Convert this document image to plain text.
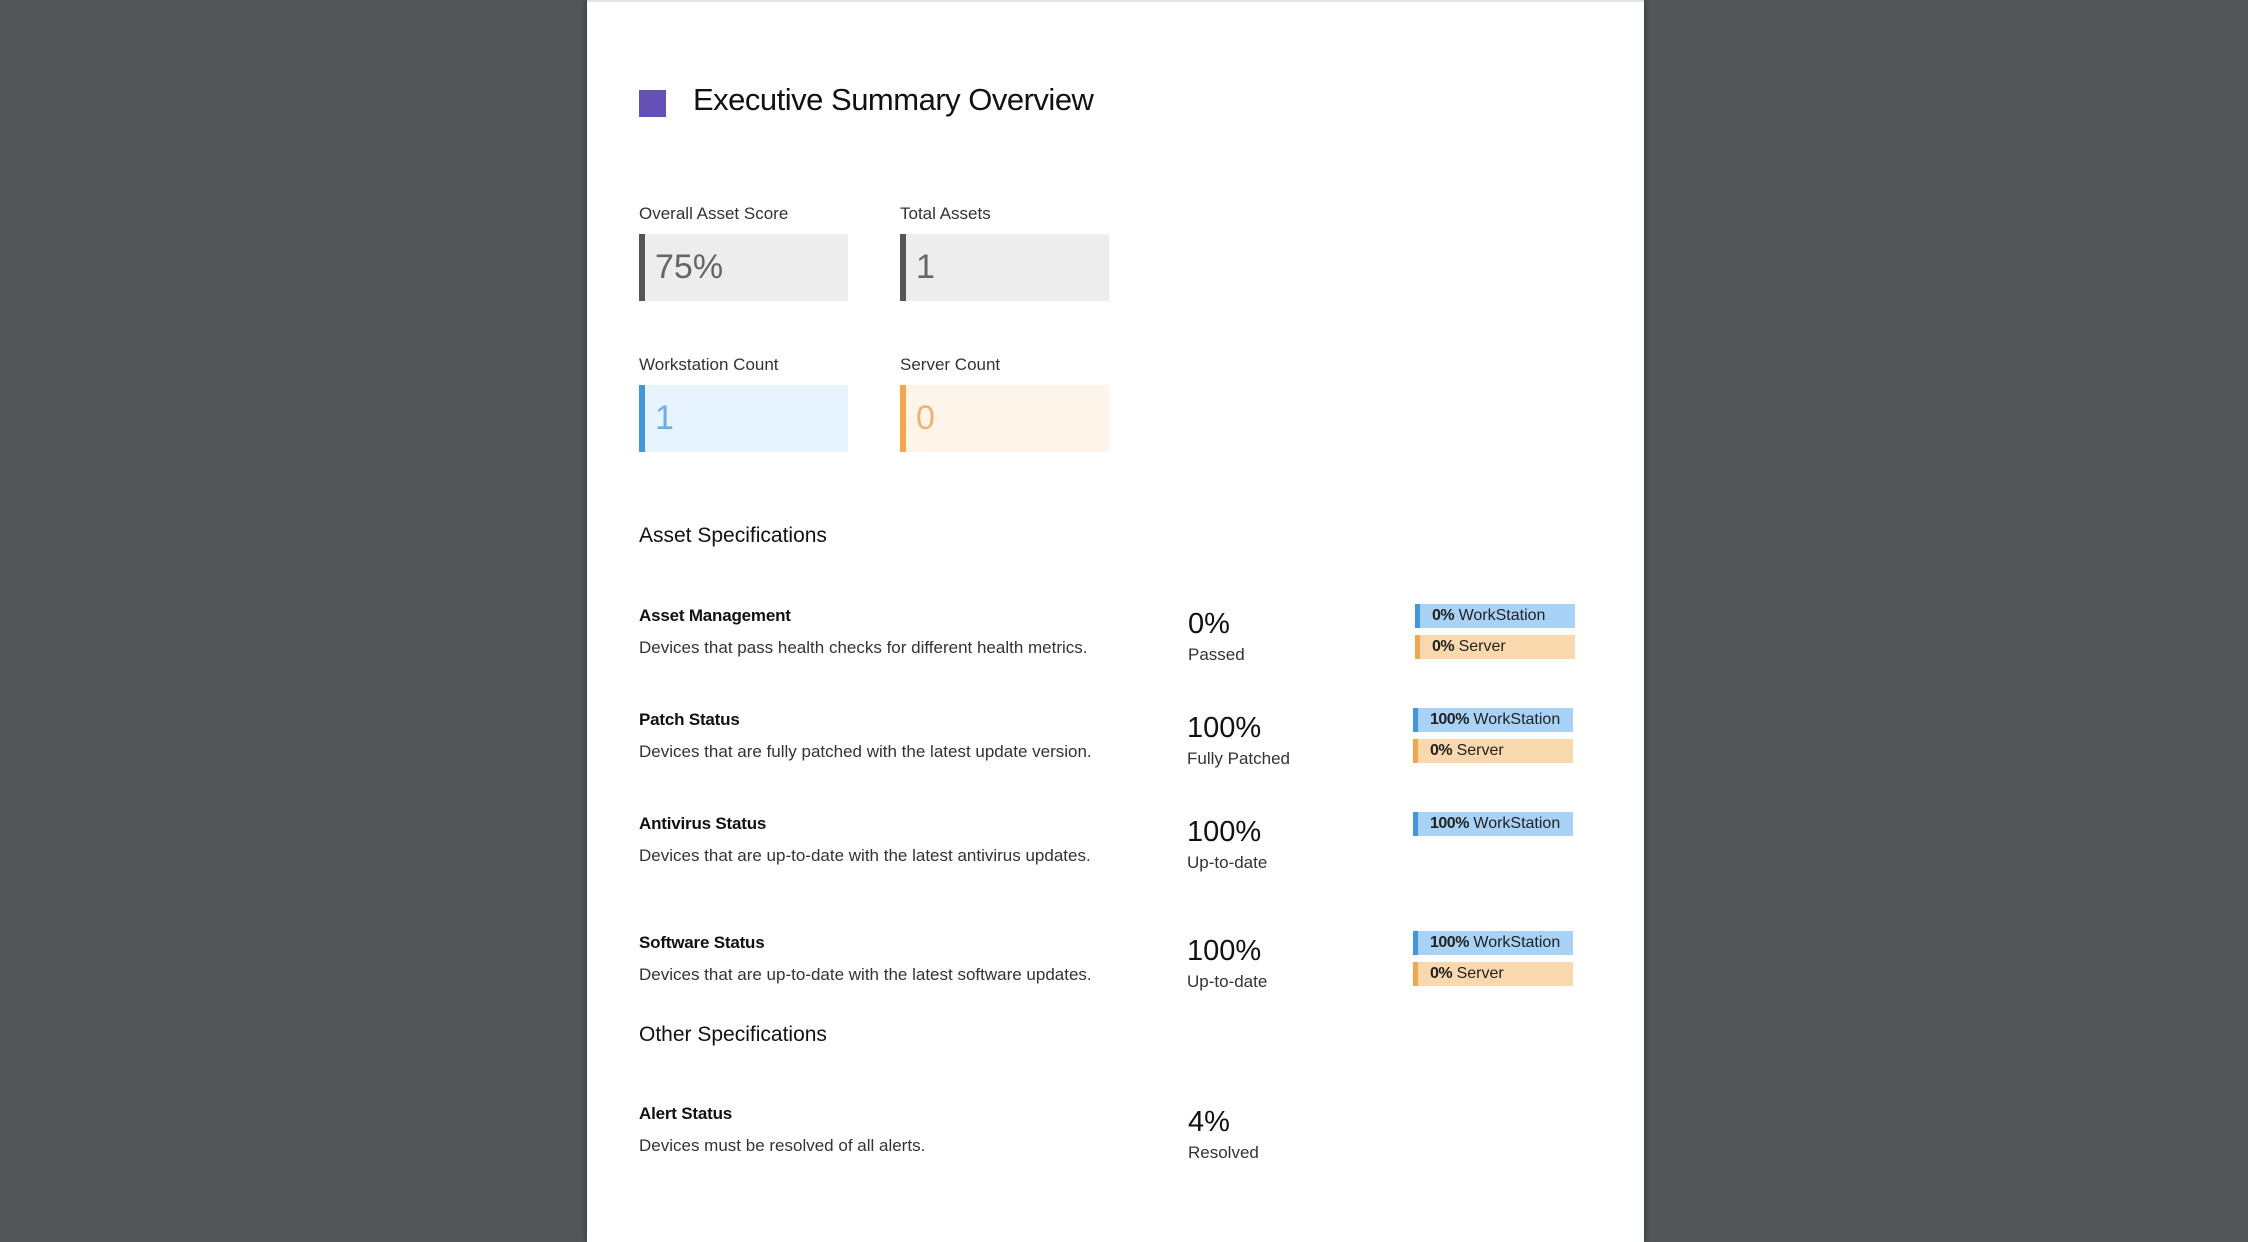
Executive Summary Overview
Overall Asset Score
75%
Total Assets
1
Workstation Count
1
Server Count
0
Asset Specifications
Asset Management
Devices that pass health checks for different health metrics.
0%
Passed
0% WorkStation
0% Server
Patch Status
Devices that are fully patched with the latest update version.
100%
Fully Patched
100% WorkStation
0% Server
Antivirus Status
Devices that are up-to-date with the latest antivirus updates.
100%
Up-to-date
100% WorkStation
Software Status
Devices that are up-to-date with the latest software updates.
100%
Up-to-date
100% WorkStation
0% Server
Other Specifications
Alert Status
Devices must be resolved of all alerts.
4%
Resolved
